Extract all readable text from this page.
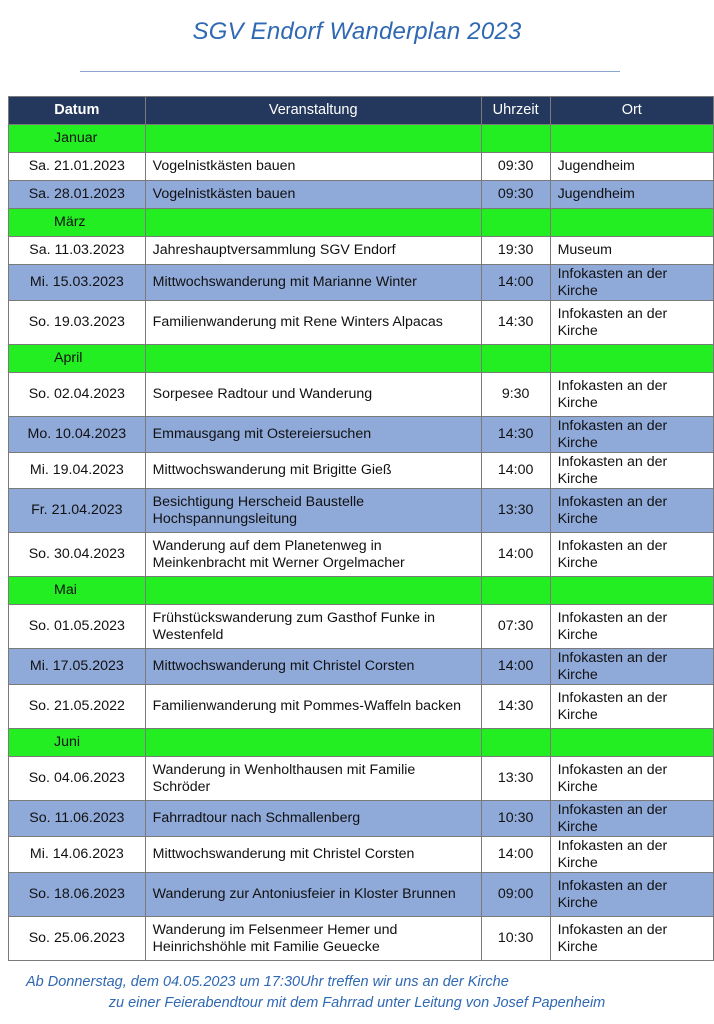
SGV Endorf Wanderplan 2023
Datum	Veranstaltung	Uhrzeit	Ort
Januar			
Sa. 21.01.2023	Vogelnistkästen bauen	09:30	Jugendheim
Sa. 28.01.2023	Vogelnistkästen bauen	09:30	Jugendheim
März			
Sa. 11.03.2023	Jahreshauptversammlung SGV Endorf	19:30	Museum
Mi. 15.03.2023	Mittwochswanderung mit Marianne Winter	14:00	Infokasten an der Kirche
So. 19.03.2023	Familienwanderung mit Rene Winters Alpacas	14:30	Infokasten an der Kirche
April			
So. 02.04.2023	Sorpesee Radtour und Wanderung	9:30	Infokasten an der Kirche
Mo. 10.04.2023	Emmausgang mit Ostereiersuchen	14:30	Infokasten an der Kirche
Mi. 19.04.2023	Mittwochswanderung mit Brigitte Gieß	14:00	Infokasten an der Kirche
Fr. 21.04.2023	Besichtigung Herscheid Baustelle Hochspannungsleitung	13:30	Infokasten an der Kirche
So. 30.04.2023	Wanderung auf dem Planetenweg in Meinkenbracht mit Werner Orgelmacher	14:00	Infokasten an der Kirche
Mai			
So. 01.05.2023	Frühstückswanderung zum Gasthof Funke in Westenfeld	07:30	Infokasten an der Kirche
Mi. 17.05.2023	Mittwochswanderung mit Christel Corsten	14:00	Infokasten an der Kirche
So. 21.05.2022	Familienwanderung mit Pommes-Waffeln backen	14:30	Infokasten an der Kirche
Juni			
So. 04.06.2023	Wanderung in Wenholthausen mit Familie Schröder	13:30	Infokasten an der Kirche
So. 11.06.2023	Fahrradtour nach Schmallenberg	10:30	Infokasten an der Kirche
Mi. 14.06.2023	Mittwochswanderung mit Christel Corsten	14:00	Infokasten an der Kirche
So. 18.06.2023	Wanderung zur Antoniusfeier in Kloster Brunnen	09:00	Infokasten an der Kirche
So. 25.06.2023	Wanderung im Felsenmeer Hemer und Heinrichshöhle mit Familie Geuecke	10:30	Infokasten an der Kirche
Ab Donnerstag, dem 04.05.2023 um 17:30Uhr treffen wir uns an der Kirche
zu einer Feierabendtour mit dem Fahrrad unter Leitung von Josef Papenheim
